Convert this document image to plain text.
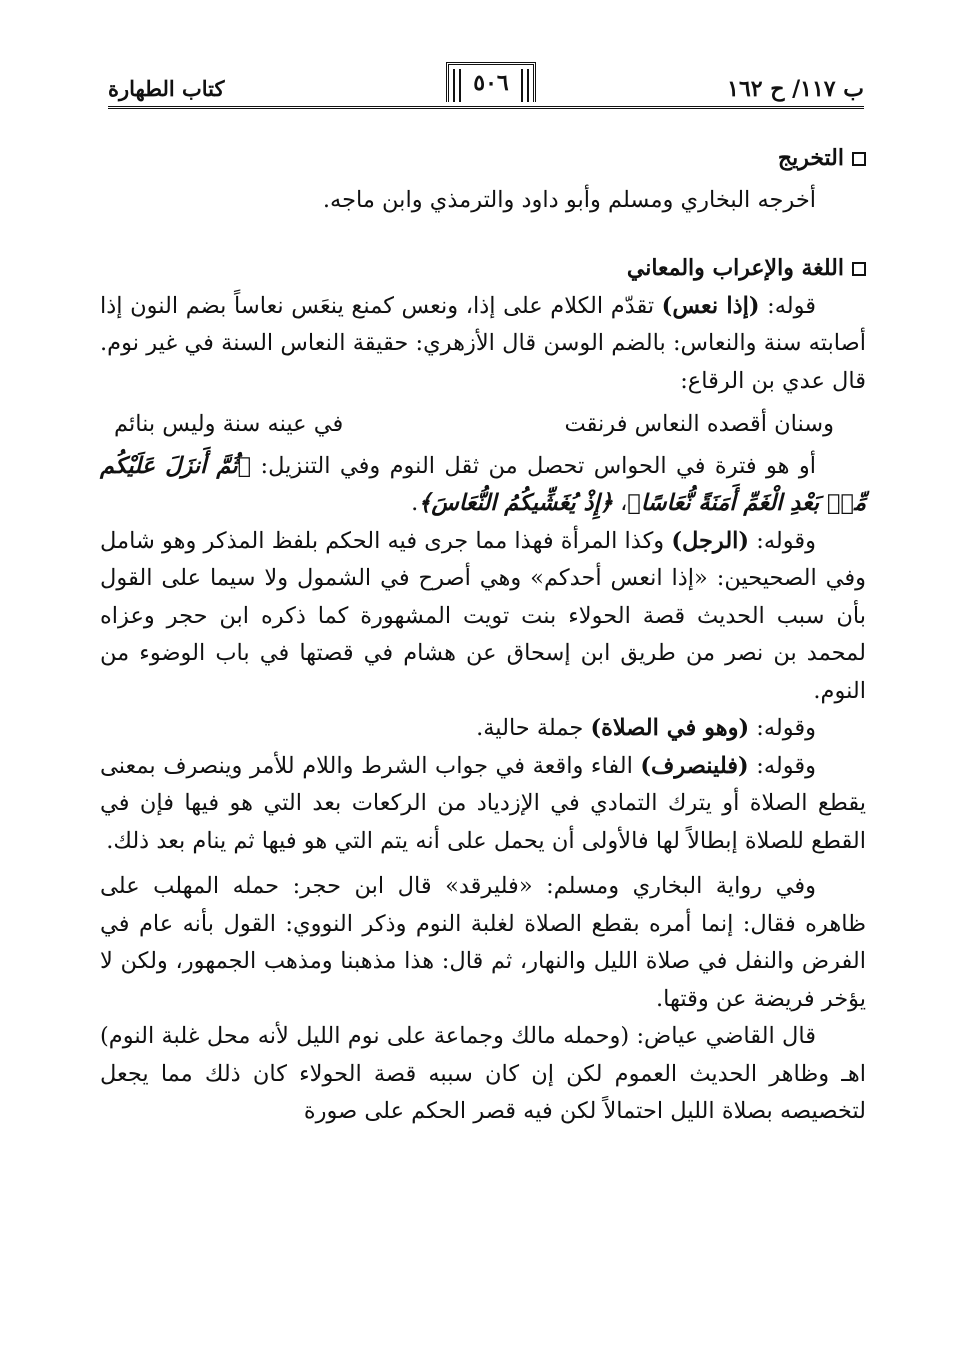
ب ١١٧/ ح ١٦٢
٥٠٦
كتاب الطهارة
التخريج

أخرجه البخاري ومسلم وأبو داود والترمذي وابن ماجه.

اللغة والإعراب والمعاني

قوله: (إذا نعس) تقدّم الكلام على إذا، ونعس كمنع ينعَس نعاساً بضم النون إذا أصابته سنة والنعاس: بالضم الوسن قال الأزهري: حقيقة النعاس السنة في غير نوم. قال عدي بن الرقاع:

وسنان أقصده النعاس فرنقت
في عينه سنة وليس بنائم

أو هو فترة في الحواس تحصل من ثقل النوم وفي التنزيل: ﴿ثُمَّ أَنزَلَ عَلَيْكُم مِّنۢ بَعْدِ الْغَمِّ أَمَنَةً نُّعَاسًا﴾، ﴿إِذْ يُغَشِّيكُمُ النُّعَاسَ﴾.

وقوله: (الرجل) وكذا المرأة فهذا مما جرى فيه الحكم بلفظ المذكر وهو شامل وفي الصحيحين: «إذا انعس أحدكم» وهي أصرح في الشمول ولا سيما على القول بأن سبب الحديث قصة الحولاء بنت تويت المشهورة كما ذكره ابن حجر وعزاه لمحمد بن نصر من طريق ابن إسحاق عن هشام في قصتها في باب الوضوء من النوم.

وقوله: (وهو في الصلاة) جملة حالية.

وقوله: (فلينصرف) الفاء واقعة في جواب الشرط واللام للأمر وينصرف بمعنى يقطع الصلاة أو يترك التمادي في الإزدياد من الركعات بعد التي هو فيها فإن في القطع للصلاة إبطالاً لها فالأولى أن يحمل على أنه يتم التي هو فيها ثم ينام بعد ذلك.

وفي رواية البخاري ومسلم: «فليرقد» قال ابن حجر: حمله المهلب على ظاهره فقال: إنما أمره بقطع الصلاة لغلبة النوم وذكر النووي: القول بأنه عام في الفرض والنفل في صلاة الليل والنهار، ثم قال: هذا مذهبنا ومذهب الجمهور، ولكن لا يؤخر فريضة عن وقتها.

قال القاضي عياض: (وحمله مالك وجماعة على نوم الليل لأنه محل غلبة النوم) اهـ وظاهر الحديث العموم لكن إن كان سببه قصة الحولاء كان ذلك مما يجعل لتخصيصه بصلاة الليل احتمالاً لكن فيه قصر الحكم على صورة
